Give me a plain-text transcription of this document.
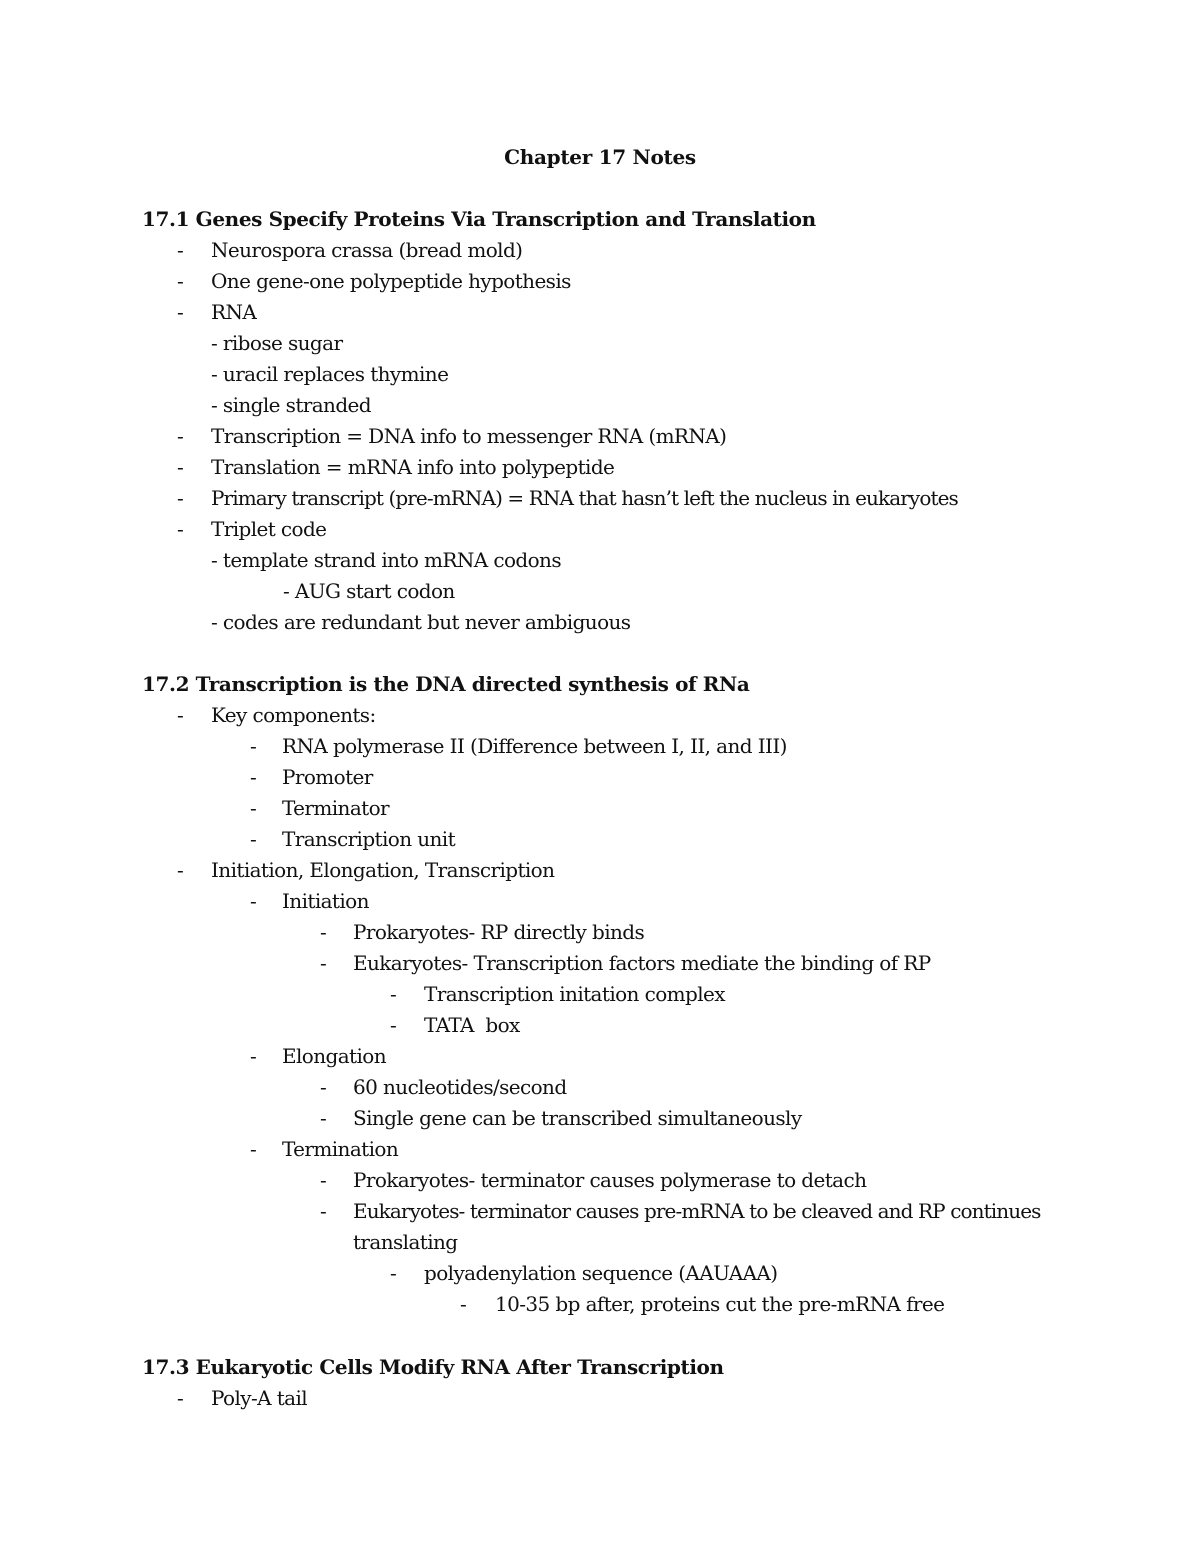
Chapter 17 Notes
17.1 Genes Specify Proteins Via Transcription and Translation
- Neurospora crassa (bread mold)
- One gene-one polypeptide hypothesis
- RNA
- ribose sugar
- uracil replaces thymine
- single stranded
- Transcription = DNA info to messenger RNA (mRNA)
- Translation = mRNA info into polypeptide
- Primary transcript (pre-mRNA) = RNA that hasn’t left the nucleus in eukaryotes
- Triplet code
- template strand into mRNA codons
- AUG start codon
- codes are redundant but never ambiguous
17.2 Transcription is the DNA directed synthesis of RNa
- Key components:
- RNA polymerase II (Difference between I, II, and III)
- Promoter
- Terminator
- Transcription unit
- Initiation, Elongation, Transcription
- Initiation
- Prokaryotes- RP directly binds
- Eukaryotes- Transcription factors mediate the binding of RP
- Transcription initation complex
- TATA  box
- Elongation
- 60 nucleotides/second
- Single gene can be transcribed simultaneously
- Termination
- Prokaryotes- terminator causes polymerase to detach
- Eukaryotes- terminator causes pre-mRNA to be cleaved and RP continues
translating
- polyadenylation sequence (AAUAAA)
- 10-35 bp after, proteins cut the pre-mRNA free
17.3 Eukaryotic Cells Modify RNA After Transcription
- Poly-A tail
